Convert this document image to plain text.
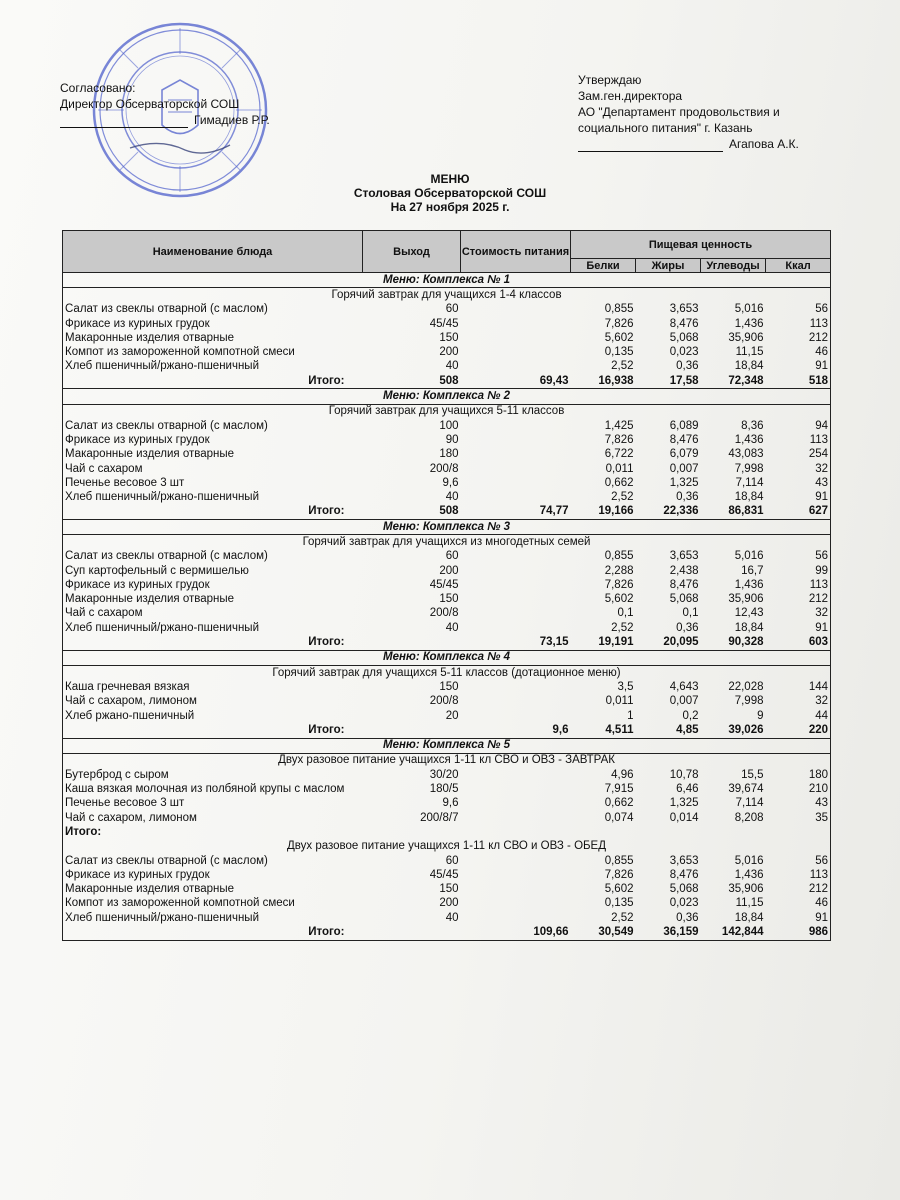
Согласовано:
Директор Обсерваторской СОШ
Гимадиев Р.Р.
Утверждаю
Зам.ген.директора
АО "Департамент продовольствия и
социального питания" г. Казань
Агапова А.К.
МЕНЮ
Столовая Обсерваторской СОШ
На 27 ноября 2025 г.
Наименование блюда	Выход	Стоимость питания	Пищевая ценность			
			Белки	Жиры	Углеводы	Ккал
Меню: Комплекса № 1						
Горячий завтрак для учащихся 1-4 классов						
Салат из свеклы отварной (с маслом)	60		0,855	3,653	5,016	56
Фрикасе из куриных грудок	45/45		7,826	8,476	1,436	113
Макаронные изделия отварные	150		5,602	5,068	35,906	212
Компот из замороженной компотной смеси	200		0,135	0,023	11,15	46
Хлеб пшеничный/ржано-пшеничный	40		2,52	0,36	18,84	91
Итого:	508	69,43	16,938	17,58	72,348	518
Меню: Комплекса № 2						
Горячий завтрак для учащихся 5-11 классов						
Салат из свеклы отварной (с маслом)	100		1,425	6,089	8,36	94
Фрикасе из куриных грудок	90		7,826	8,476	1,436	113
Макаронные изделия отварные	180		6,722	6,079	43,083	254
Чай с сахаром	200/8		0,011	0,007	7,998	32
Печенье весовое 3 шт	9,6		0,662	1,325	7,114	43
Хлеб пшеничный/ржано-пшеничный	40		2,52	0,36	18,84	91
Итого:	508	74,77	19,166	22,336	86,831	627
Меню: Комплекса № 3						
Горячий завтрак для учащихся из многодетных семей						
Салат из свеклы отварной (с маслом)	60		0,855	3,653	5,016	56
Суп картофельный с вермишелью	200		2,288	2,438	16,7	99
Фрикасе из куриных грудок	45/45		7,826	8,476	1,436	113
Макаронные изделия отварные	150		5,602	5,068	35,906	212
Чай с сахаром	200/8		0,1	0,1	12,43	32
Хлеб пшеничный/ржано-пшеничный	40		2,52	0,36	18,84	91
Итого:		73,15	19,191	20,095	90,328	603
Меню: Комплекса № 4						
Горячий завтрак для учащихся 5-11 классов (дотационное меню)						
Каша гречневая вязкая	150		3,5	4,643	22,028	144
Чай с сахаром, лимоном	200/8		0,011	0,007	7,998	32
Хлеб ржано-пшеничный	20		1	0,2	9	44
Итого:		9,6	4,511	4,85	39,026	220
Меню: Комплекса № 5						
Двух разовое питание учащихся 1-11 кл СВО и ОВЗ - ЗАВТРАК						
Бутерброд с сыром	30/20		4,96	10,78	15,5	180
Каша вязкая молочная из полбяной крупы с маслом	180/5		7,915	6,46	39,674	210
Печенье весовое 3 шт	9,6		0,662	1,325	7,114	43
Чай с сахаром, лимоном	200/8/7		0,074	0,014	8,208	35
Итого:						
Двух разовое питание учащихся 1-11 кл СВО и ОВЗ - ОБЕД						
Салат из свеклы отварной (с маслом)	60		0,855	3,653	5,016	56
Фрикасе из куриных грудок	45/45		7,826	8,476	1,436	113
Макаронные изделия отварные	150		5,602	5,068	35,906	212
Компот из замороженной компотной смеси	200		0,135	0,023	11,15	46
Хлеб пшеничный/ржано-пшеничный	40		2,52	0,36	18,84	91
Итого:		109,66	30,549	36,159	142,844	986
